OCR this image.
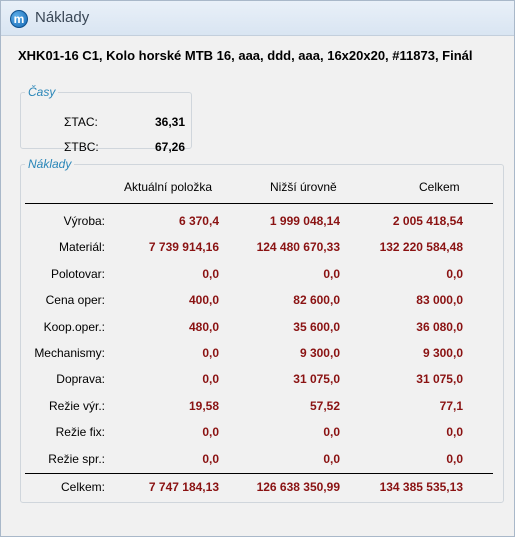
m Náklady
XHK01-16 C1, Kolo horské MTB 16, aaa, ddd, aaa, 16x20x20, #11873, Finál
Časy
ΣTAC:	36,31
ΣTBC:	67,26
Náklady
Aktuální položka	Nižší úrovně	Celkem
Výroba:	6 370,4	1 999 048,14	2 005 418,54
Materiál:	7 739 914,16	124 480 670,33	132 220 584,48
Polotovar:	0,0	0,0	0,0
Cena oper:	400,0	82 600,0	83 000,0
Koop.oper.:	480,0	35 600,0	36 080,0
Mechanismy:	0,0	9 300,0	9 300,0
Doprava:	0,0	31 075,0	31 075,0
Režie výr.:	19,58	57,52	77,1
Režie fix:	0,0	0,0	0,0
Režie spr.:	0,0	0,0	0,0
Celkem:	7 747 184,13	126 638 350,99	134 385 535,13
